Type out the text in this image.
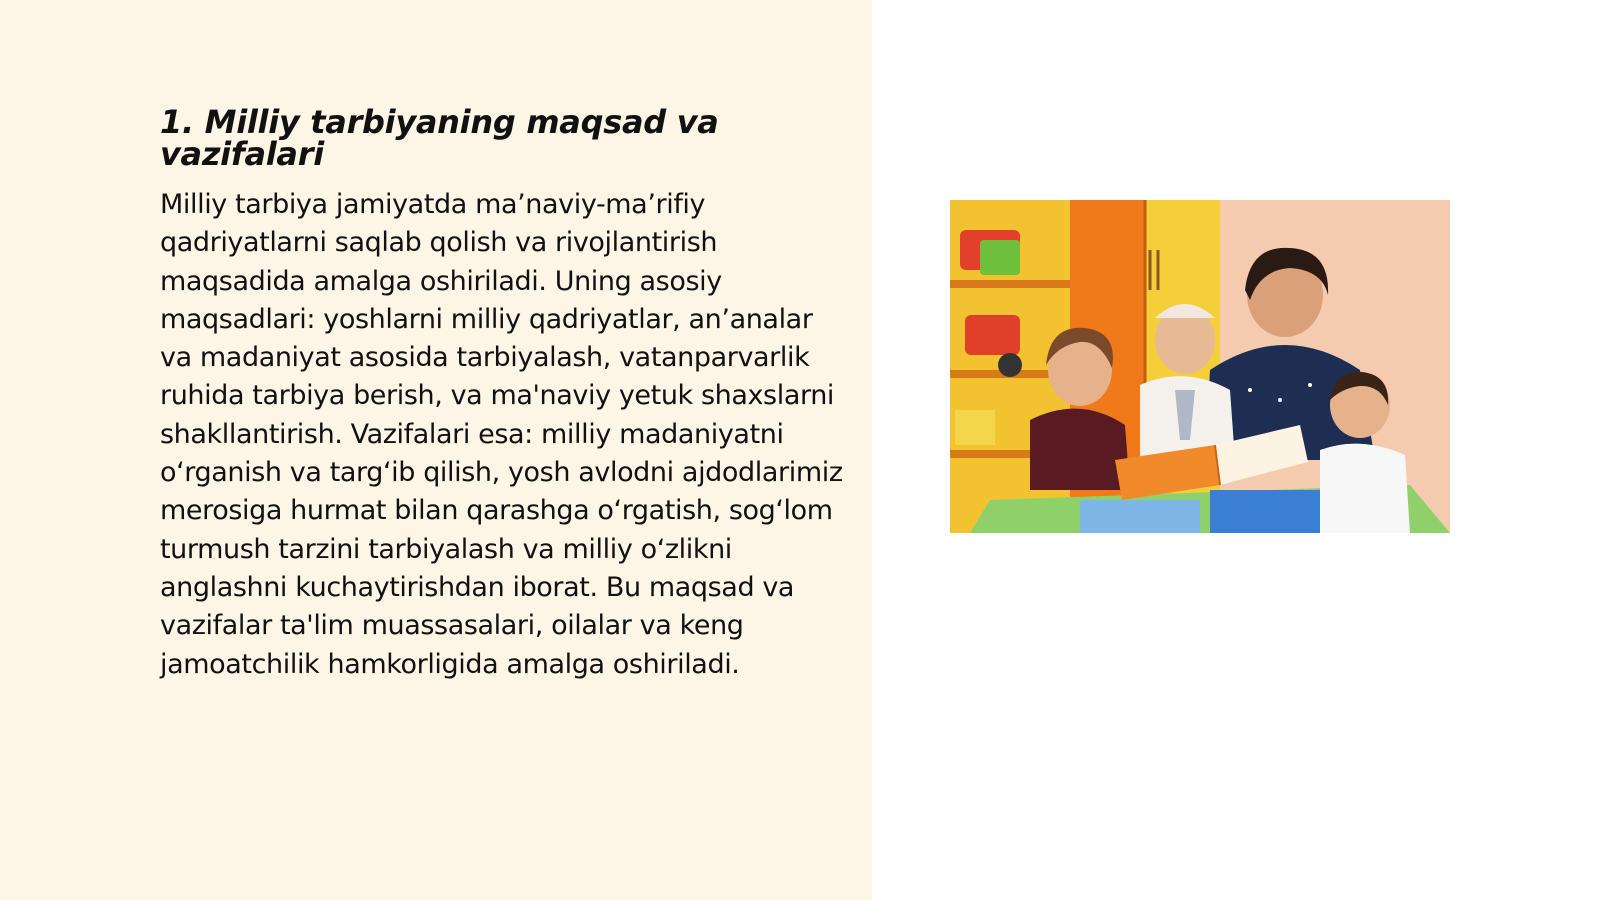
1. Milliy tarbiyaning maqsad va vazifalari

Milliy tarbiya jamiyatda ma’naviy-ma’rifiy qadriyatlarni saqlab qolish va rivojlantirish maqsadida amalga oshiriladi. Uning asosiy maqsadlari: yoshlarni milliy qadriyatlar, an’analar va madaniyat asosida tarbiyalash, vatanparvarlik ruhida tarbiya berish, va ma'naviy yetuk shaxslarni shakllantirish. Vazifalari esa: milliy madaniyatni o‘rganish va targ‘ib qilish, yosh avlodni ajdodlarimiz merosiga hurmat bilan qarashga o‘rgatish, sog‘lom turmush tarzini tarbiyalash va milliy o‘zlikni anglashni kuchaytirishdan iborat. Bu maqsad va vazifalar ta'lim muassasalari, oilalar va keng jamoatchilik hamkorligida amalga oshiriladi.
